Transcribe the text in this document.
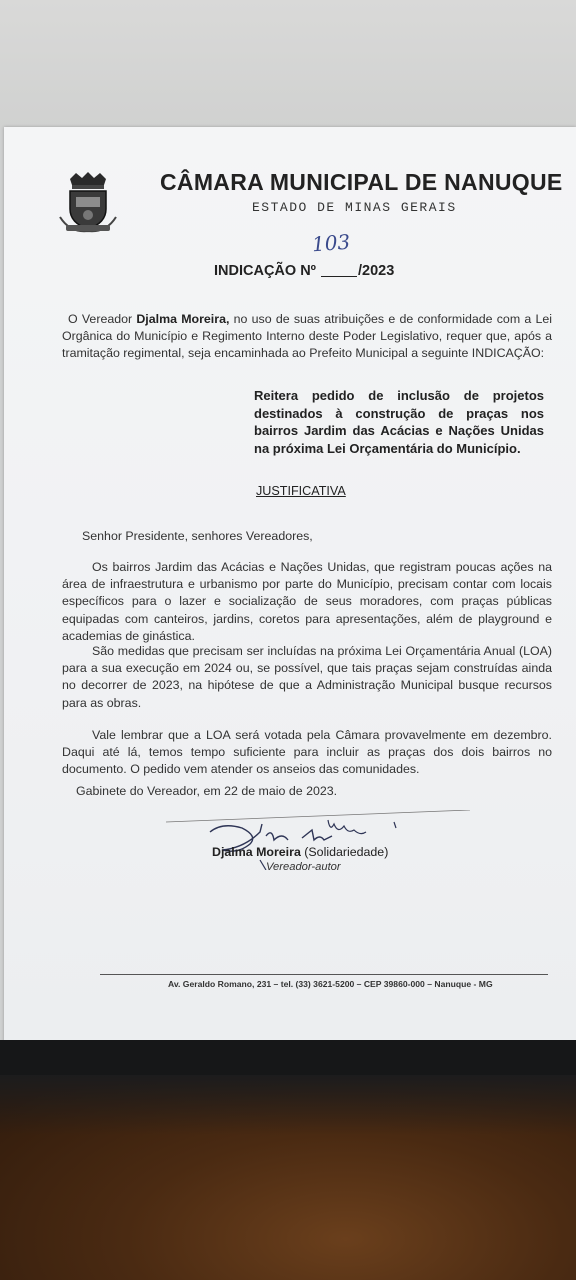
CÂMARA MUNICIPAL DE NANUQUE
ESTADO DE MINAS GERAIS
103
INDICAÇÃO Nº	/2023
O Vereador Djalma Moreira, no uso de suas atribuições e de conformidade com a Lei Orgânica do Município e Regimento Interno deste Poder Legislativo, requer que, após a tramitação regimental, seja encaminhada ao Prefeito Municipal a seguinte INDICAÇÃO:
Reitera pedido de inclusão de projetos destinados à construção de praças nos bairros Jardim das Acácias e Nações Unidas na próxima Lei Orçamentária do Município.
JUSTIFICATIVA
Senhor Presidente, senhores Vereadores,
Os bairros Jardim das Acácias e Nações Unidas, que registram poucas ações na área de infraestrutura e urbanismo por parte do Município, precisam contar com locais específicos para o lazer e socialização de seus moradores, com praças públicas equipadas com canteiros, jardins, coretos para apresentações, além de playground e academias de ginástica.
São medidas que precisam ser incluídas na próxima Lei Orçamentária Anual (LOA) para a sua execução em 2024 ou, se possível, que tais praças sejam construídas ainda no decorrer de 2023, na hipótese de que a Administração Municipal busque recursos para as obras.
Vale lembrar que a LOA será votada pela Câmara provavelmente em dezembro. Daqui até lá, temos tempo suficiente para incluir as praças dos dois bairros no documento. O pedido vem atender os anseios das comunidades.
Gabinete do Vereador, em 22 de maio de 2023.
Djalma Moreira (Solidariedade)
Vereador-autor
Av. Geraldo Romano, 231 – tel. (33) 3621-5200 – CEP 39860-000 – Nanuque - MG
